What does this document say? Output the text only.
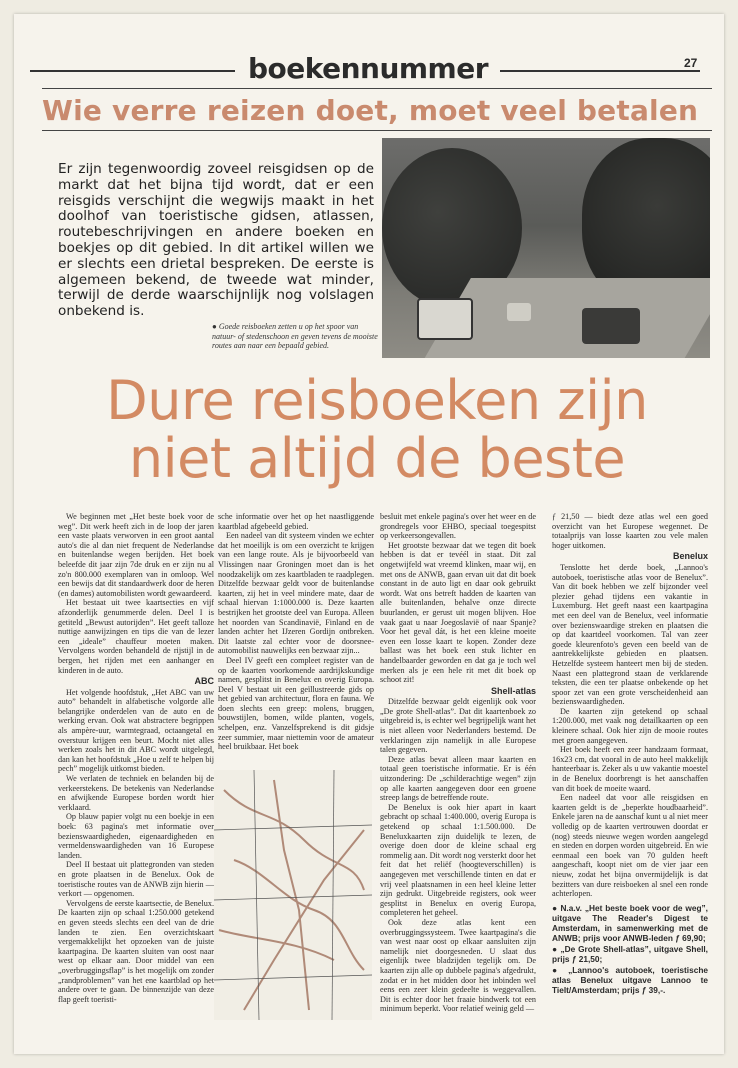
boekennummer	27
Wie verre reizen doet, moet veel betalen
Er zijn tegenwoordig zoveel reisgidsen op de markt dat het bijna tijd wordt, dat er een reisgids verschijnt die wegwijs maakt in het doolhof van toeristische gidsen, atlassen, routebeschrijvingen en andere boeken en boekjes op dit gebied. In dit artikel willen we er slechts een drietal bespreken. De eerste is algemeen bekend, de tweede wat minder, terwijl de derde waarschijnlijk nog volslagen onbekend is.
● Goede reisboeken zetten u op het spoor van natuur- of stedenschoon en geven tevens de mooiste routes aan naar een bepaald gebied.
Dure reisboeken zijn
niet altijd de beste

We beginnen met „Het beste boek voor de weg”. Dit werk heeft zich in de loop der jaren een vaste plaats verworven in een groot aantal auto's die al dan niet frequent de Nederlandse en buitenlandse wegen berijden. Het boek beleefde dit jaar zijn 7de druk en er zijn nu al zo'n 800.000 exemplaren van in omloop. Wel een bewijs dat dit standaardwerk door de heren (en dames) automobilisten wordt gewaardeerd.

Het bestaat uit twee kaartsecties en vijf afzonderlijk genummerde delen. Deel I is getiteld „Bewust autorijden”. Het geeft talloze nuttige aanwijzingen en tips die van de lezer een „ideale” chauffeur moeten maken. Vervolgens worden behandeld de rijstijl in de bergen, het rijden met een aanhanger en kinderen in de auto.

ABC

Het volgende hoofdstuk, „Het ABC van uw auto” behandelt in alfabetische volgorde alle belangrijke onderdelen van de auto en de werking ervan. Ook wat abstractere begrippen als ampère-uur, warmtegraad, octaangetal en overstuur krijgen een beurt. Mocht niet alles werken zoals het in dit ABC wordt uitgelegd, dan kan het hoofdstuk „Hoe u zelf te helpen bij pech” mogelijk uitkomst bieden.

We verlaten de techniek en belanden bij de verkeerstekens. De betekenis van Nederlandse en afwijkende Europese borden wordt hier verklaard.

Op blauw papier volgt nu een boekje in een boek: 63 pagina's met informatie over bezienswaardigheden, eigenaardigheden en vermeldenswaardigheden van 16 Europese landen.

Deel II bestaat uit plattegronden van steden en grote plaatsen in de Benelux. Ook de toeristische routes van de ANWB zijn hierin — verkort — opgenomen.

Vervolgens de eerste kaartsectie, de Benelux. De kaarten zijn op schaal 1:250.000 getekend en geven steeds slechts een deel van de drie landen te zien. Een overzichtskaart vergemakkelijkt het opzoeken van de juiste kaartpagina. De kaarten sluiten van oost naar west op elkaar aan. Door middel van een „overbruggingsflap” is het mogelijk om zonder „randproblemen” van het ene kaartblad op het andere over te gaan. De binnenzijde van deze flap geeft toeristi-

sche informatie over het op het naastliggende kaartblad afgebeeld gebied.

Een nadeel van dit systeem vinden we echter dat het moeilijk is om een overzicht te krijgen van een lange route. Als je bijvoorbeeld van Vlissingen naar Groningen moet dan is het noodzakelijk om zes kaartbladen te raadplegen. Ditzelfde bezwaar geldt voor de buitenlandse kaarten, zij het in veel mindere mate, daar de schaal hiervan 1:1000.000 is. Deze kaarten bestrijken het grootste deel van Europa. Alleen het noorden van Scandinavië, Finland en de landen achter het IJzeren Gordijn ontbreken. Dit laatste zal echter voor de doorsnee-automobilist nauwelijks een bezwaar zijn...

Deel IV geeft een compleet register van de op de kaarten voorkomende aardrijkskundige namen, gesplitst in Benelux en overig Europa. Deel V bestaat uit een geïllustreerde gids op het gebied van architectuur, flora en fauna. We doen slechts een greep: molens, bruggen, bouwstijlen, bomen, wilde planten, vogels, schelpen, enz. Vanzelfsprekend is dit gidsje zeer summier, maar niettemin voor de amateur heel bruikbaar. Het boek

besluit met enkele pagina's over het weer en de grondregels voor EHBO, speciaal toegespitst op verkeersongevallen.

Het grootste bezwaar dat we tegen dit boek hebben is dat er tevéél in staat. Dit zal ongetwijfeld wat vreemd klinken, maar wij, en met ons de ANWB, gaan ervan uit dat dit boek constant in de auto ligt en daar ook gebruikt wordt. Wat ons betreft hadden de kaarten van alle buitenlanden, behalve onze directe buurlanden, er gerust uit mogen blijven. Hoe vaak gaat u naar Joegoslavië of naar Spanje? Voor het geval dát, is het een kleine moeite even een losse kaart te kopen. Zonder deze ballast was het boek een stuk lichter en handelbaarder geworden en dat ga je toch wel merken als je een hele rit met dit boek op schoot zit!

Shell-atlas

Ditzelfde bezwaar geldt eigenlijk ook voor „De grote Shell-atlas”. Dat dit kaartenboek zo uitgebreid is, is echter wel begrijpelijk want het is niet alleen voor Nederlanders bestemd. De verklaringen zijn namelijk in alle Europese talen gegeven.

Deze atlas bevat alleen maar kaarten en totaal geen toeristische informatie. Er is één uitzondering: De „schilderachtige wegen” zijn op alle kaarten aangegeven door een groene streep langs de betreffende route.

De Benelux is ook hier apart in kaart gebracht op schaal 1:400.000, overig Europa is getekend op schaal 1:1.500.000. De Beneluxkaarten zijn duidelijk te lezen, de overige doen door de kleine schaal erg rommelig aan. Dit wordt nog versterkt door het feit dat het reliëf (hoogteverschillen) is aangegeven met verschillende tinten en dat er vrij veel plaatsnamen in een heel kleine letter zijn gedrukt. Uitgebreide registers, ook weer gesplitst in Benelux en overig Europa, completeren het geheel.

Ook deze atlas kent een overbruggingssysteem. Twee kaartpagina's die van west naar oost op elkaar aansluiten zijn namelijk niet doorgesneden. U slaat dus eigenlijk twee bladzijden tegelijk om. De kaarten zijn alle op dubbele pagina's afgedrukt, zodat er in het midden door het inbinden wel eens een zeer klein gedeelte is weggevallen. Dit is echter door het fraaie bindwerk tot een minimum beperkt. Voor relatief weinig geld —

ƒ 21,50 — biedt deze atlas wel een goed overzicht van het Europese wegennet. De totaalprijs van losse kaarten zou vele malen hoger uitkomen.

Benelux

Tenslotte het derde boek, „Lannoo's autoboek, toeristische atlas voor de Benelux”. Van dit boek hebben we zelf bijzonder veel plezier gehad tijdens een vakantie in Luxemburg. Het geeft naast een kaartpagina met een deel van de Benelux, veel informatie over bezienswaardige streken en plaatsen die op dat kaartdeel voorkomen. Tal van zeer goede kleurenfoto's geven een beeld van de aantrekkelijkste gebieden en plaatsen. Hetzelfde systeem hanteert men bij de steden. Naast een plattegrond staan de verklarende teksten, die een ter plaatse onbekende op het spoor zet van een grote verscheidenheid aan bezienswaardigheden.

De kaarten zijn getekend op schaal 1:200.000, met vaak nog detailkaarten op een kleinere schaal. Ook hier zijn de mooie routes met groen aangegeven.

Het boek heeft een zeer handzaam formaat, 16x23 cm, dat vooral in de auto heel makkelijk hanteerbaar is. Zeker als u uw vakantie moestel in de Benelux doorbrengt is het aanschaffen van dit boek de moeite waard.

Een nadeel dat voor alle reisgidsen en kaarten geldt is de „beperkte houdbaarheid”. Enkele jaren na de aanschaf kunt u al niet meer volledig op de kaarten vertrouwen doordat er (nog) steeds nieuwe wegen worden aangelegd en steden en dorpen worden uitgebreid. En wie eenmaal een boek van 70 gulden heeft aangeschaft, koopt niet om de vier jaar een nieuw, zodat het bijna onvermijdelijk is dat bezitters van dure reisboeken al snel een ronde achterlopen.

● N.a.v. „Het beste boek voor de weg”, uitgave The Reader's Digest te Amsterdam, in samenwerking met de ANWB; prijs voor ANWB-leden ƒ 69,90;

● „De Grote Shell-atlas”, uitgave Shell, prijs ƒ 21,50;

● „Lannoo's autoboek, toeristische atlas Benelux uitgave Lannoo te Tielt/Amsterdam; prijs ƒ 39,-.
